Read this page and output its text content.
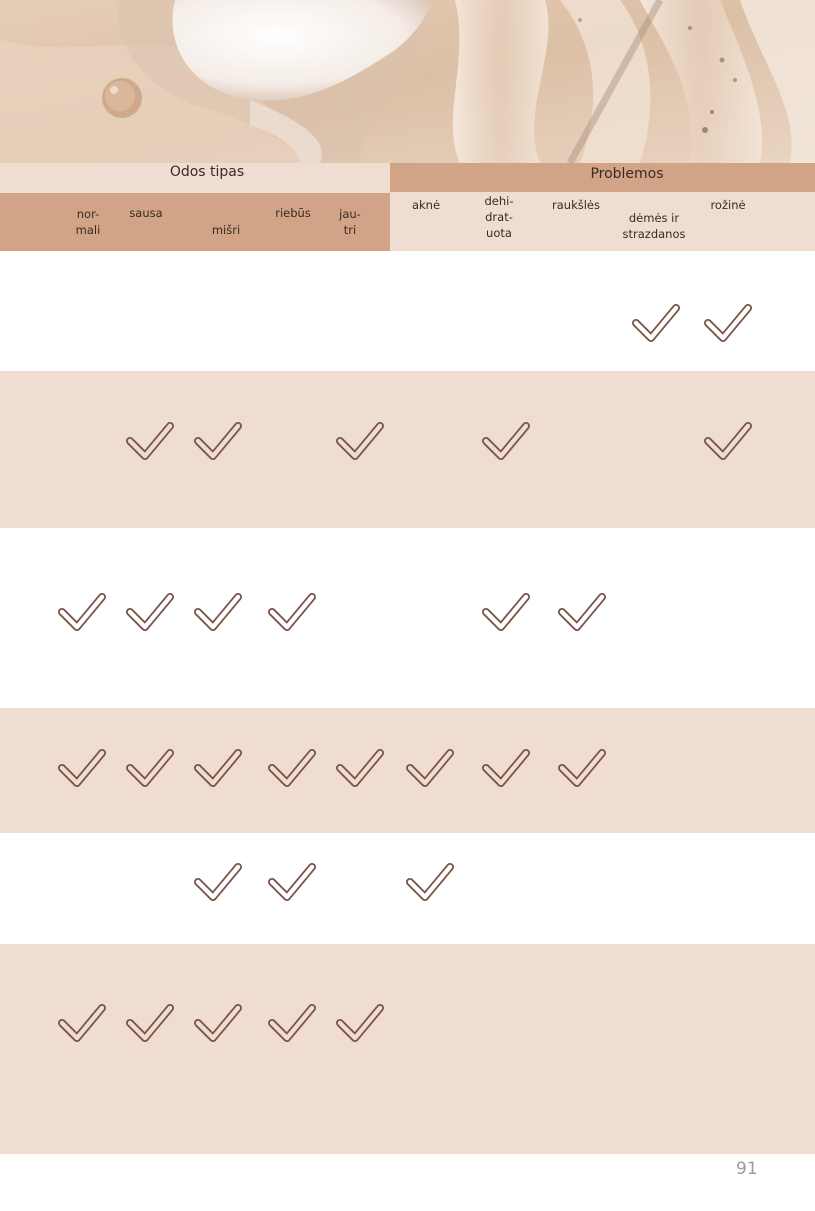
Odos tipas	Problemos
nor-
mali
sausa

mišri
riebūs jau-
tri
aknė	dehi-
drat-
uota
raukšlės

dėmės ir
strazdanos
rožinė
91
